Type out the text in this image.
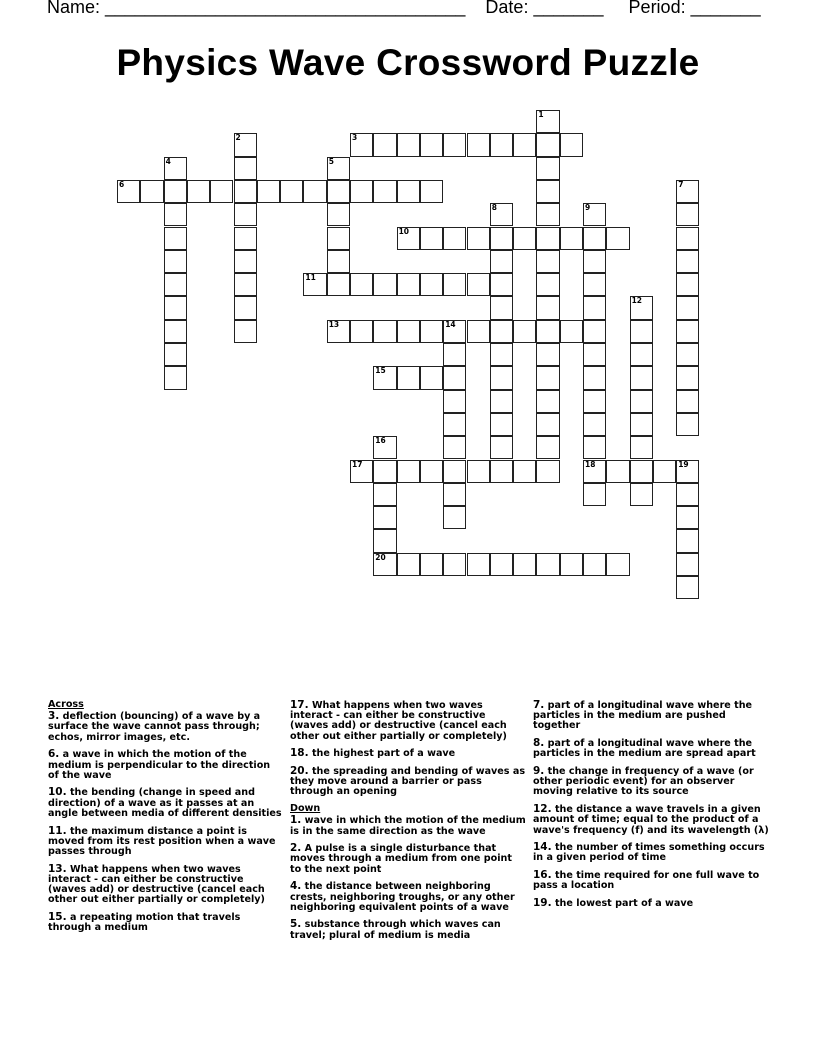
Name: ____________________________________ Date: _______ Period: _______
Physics Wave Crossword Puzzle
1
2	3
4	5
6	7
8	9
18
10
11
12
13	14
15
16
20
17	19
Across
3. deflection (bouncing) of a wave by a surface the wave cannot pass through; echos, mirror images, etc.
6. a wave in which the motion of the medium is perpendicular to the direction of the wave
10. the bending (change in speed and direction) of a wave as it passes at an angle between media of different densities
11. the maximum distance a point is moved from its rest position when a wave passes through
13. What happens when two waves interact - can either be constructive (waves add) or destructive (cancel each other out either partially or completely)
15. a repeating motion that travels through a medium
17. What happens when two waves interact - can either be constructive (waves add) or destructive (cancel each other out either partially or completely)
18. the highest part of a wave
20. the spreading and bending of waves as they move around a barrier or pass through an opening
Down
1. wave in which the motion of the medium is in the same direction as the wave
2. A pulse is a single disturbance that moves through a medium from one point to the next point
4. the distance between neighboring crests, neighboring troughs, or any other neighboring equivalent points of a wave
5. substance through which waves can travel; plural of medium is media
7. part of a longitudinal wave where the particles in the medium are pushed together
8. part of a longitudinal wave where the particles in the medium are spread apart
9. the change in frequency of a wave (or other periodic event) for an observer moving relative to its source
12. the distance a wave travels in a given amount of time; equal to the product of a wave's frequency (f) and its wavelength (λ)
14. the number of times something occurs in a given period of time
16. the time required for one full wave to pass a location
19. the lowest part of a wave
